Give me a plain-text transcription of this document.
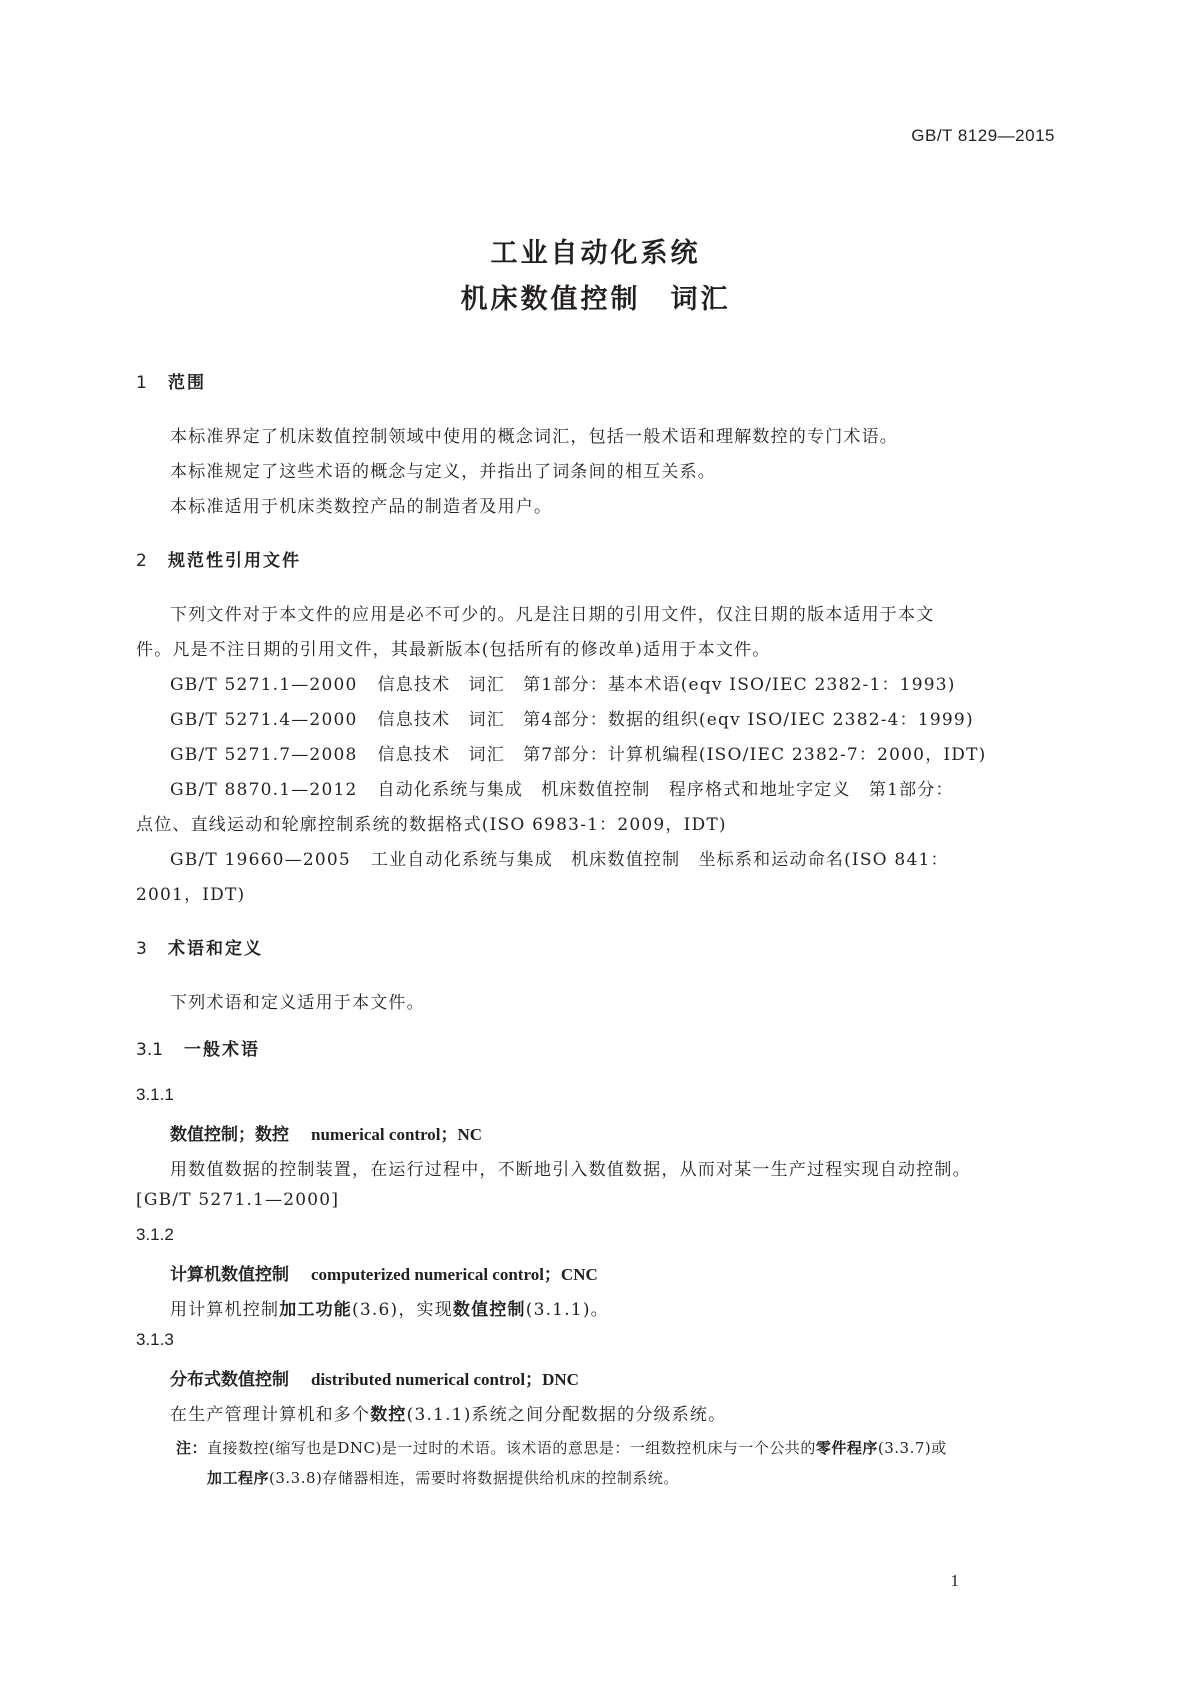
GB/T 8129—2015
工业自动化系统
机床数值控制　词汇
1 范围
本标准界定了机床数值控制领域中使用的概念词汇，包括一般术语和理解数控的专门术语。
本标准规定了这些术语的概念与定义，并指出了词条间的相互关系。
本标准适用于机床类数控产品的制造者及用户。
2 规范性引用文件
下列文件对于本文件的应用是必不可少的。凡是注日期的引用文件，仅注日期的版本适用于本文
件。凡是不注日期的引用文件，其最新版本(包括所有的修改单)适用于本文件。
GB/T 5271.1—2000 信息技术　词汇　第1部分：基本术语(eqv ISO/IEC 2382-1：1993)
GB/T 5271.4—2000 信息技术　词汇　第4部分：数据的组织(eqv ISO/IEC 2382-4：1999)
GB/T 5271.7—2008 信息技术　词汇　第7部分：计算机编程(ISO/IEC 2382-7：2000，IDT)
GB/T 8870.1—2012 自动化系统与集成　机床数值控制　程序格式和地址字定义　第1部分：
点位、直线运动和轮廓控制系统的数据格式(ISO 6983-1：2009，IDT)
GB/T 19660—2005 工业自动化系统与集成　机床数值控制　坐标系和运动命名(ISO 841：
2001，IDT)
3 术语和定义
下列术语和定义适用于本文件。
3.1 一般术语
3.1.1
数值控制；数控 numerical control；NC
用数值数据的控制装置，在运行过程中，不断地引入数值数据，从而对某一生产过程实现自动控制。
[GB/T 5271.1—2000]
3.1.2
计算机数值控制 computerized numerical control；CNC
用计算机控制加工功能(3.6)，实现数值控制(3.1.1)。
3.1.3
分布式数值控制 distributed numerical control；DNC
在生产管理计算机和多个数控(3.1.1)系统之间分配数据的分级系统。
注：直接数控(缩写也是DNC)是一过时的术语。该术语的意思是：一组数控机床与一个公共的零件程序(3.3.7)或
加工程序(3.3.8)存储器相连，需要时将数据提供给机床的控制系统。
1
